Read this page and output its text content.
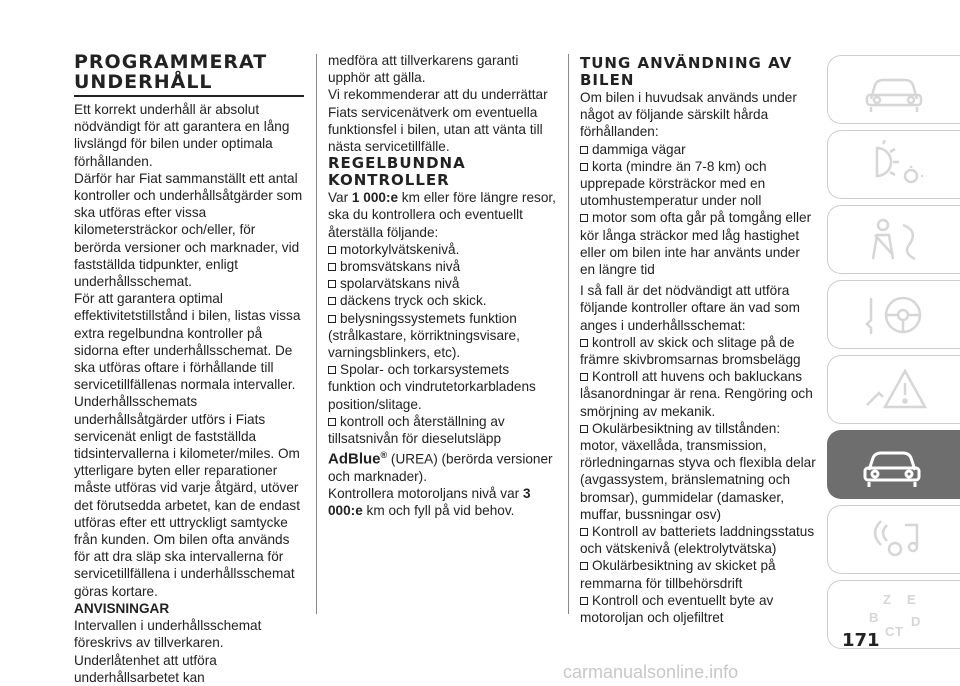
PROGRAMMERAT UNDERHÅLL

Ett korrekt underhåll är absolut nödvändigt för att garantera en lång livslängd för bilen under optimala förhållanden.

Därför har Fiat sammanställt ett antal kontroller och underhållsåtgärder som ska utföras efter vissa kilometersträckor och/eller, för berörda versioner och marknader, vid fastställda tidpunkter, enligt underhållsschemat.

För att garantera optimal effektivitetstillstånd i bilen, listas vissa extra regelbundna kontroller på sidorna efter underhållsschemat. De ska utföras oftare i förhållande till servicetillfällenas normala intervaller.

Underhållsschemats underhållsåtgärder utförs i Fiats servicenät enligt de fastställda tidsintervallerna i kilometer/miles. Om ytterligare byten eller reparationer måste utföras vid varje åtgärd, utöver det förutsedda arbetet, kan de endast utföras efter ett uttryckligt samtycke från kunden. Om bilen ofta används för att dra släp ska intervallerna för servicetillfällena i underhållsschemat göras kortare.

ANVISNINGAR

Intervallen i underhållsschemat föreskrivs av tillverkaren. Underlåtenhet att utföra underhållsarbetet kan

medföra att tillverkarens garanti upphör att gälla.

Vi rekommenderar att du underrättar Fiats servicenätverk om eventuella funktionsfel i bilen, utan att vänta till nästa servicetillfälle.

REGELBUNDNA KONTROLLER

Var 1 000:e km eller före längre resor, ska du kontrollera och eventuellt återställa följande:

motorkylvätskenivå.
bromsvätskans nivå
spolarvätskans nivå
däckens tryck och skick.
belysningssystemets funktion (strålkastare, körriktningsvisare, varningsblinkers, etc).
Spolar- och torkarsystemets funktion och vindrutetorkarbladens position/slitage.
kontroll och återställning av tillsatsnivån för dieselutsläpp AdBlue® (UREA) (berörda versioner och marknader).

Kontrollera motoroljans nivå var 3 000:e km och fyll på vid behov.

TUNG ANVÄNDNING AV BILEN

Om bilen i huvudsak används under något av följande särskilt hårda förhållanden:

dammiga vägar
korta (mindre än 7-8 km) och upprepade körsträckor med en utomhustemperatur under noll
motor som ofta går på tomgång eller kör långa sträckor med låg hastighet eller om bilen inte har använts under en längre tid

I så fall är det nödvändigt att utföra följande kontroller oftare än vad som anges i underhållsschemat:

kontroll av skick och slitage på de främre skivbromsarnas bromsbelägg
Kontroll att huvens och bakluckans låsanordningar är rena. Rengöring och smörjning av mekanik.
Okulärbesiktning av tillstånden: motor, växellåda, transmission, rörledningarnas styva och flexibla delar (avgassystem, bränslematning och bromsar), gummidelar (damasker, muffar, bussningar osv)
Kontroll av batteriets laddningsstatus och vätskenivå (elektrolytvätska)
Okulärbesiktning av skicket på remmarna för tillbehörsdrift
Kontroll och eventuellt byte av motoroljan och oljefiltret
Z E
B
C T
D
171
carmanualsonline.info
